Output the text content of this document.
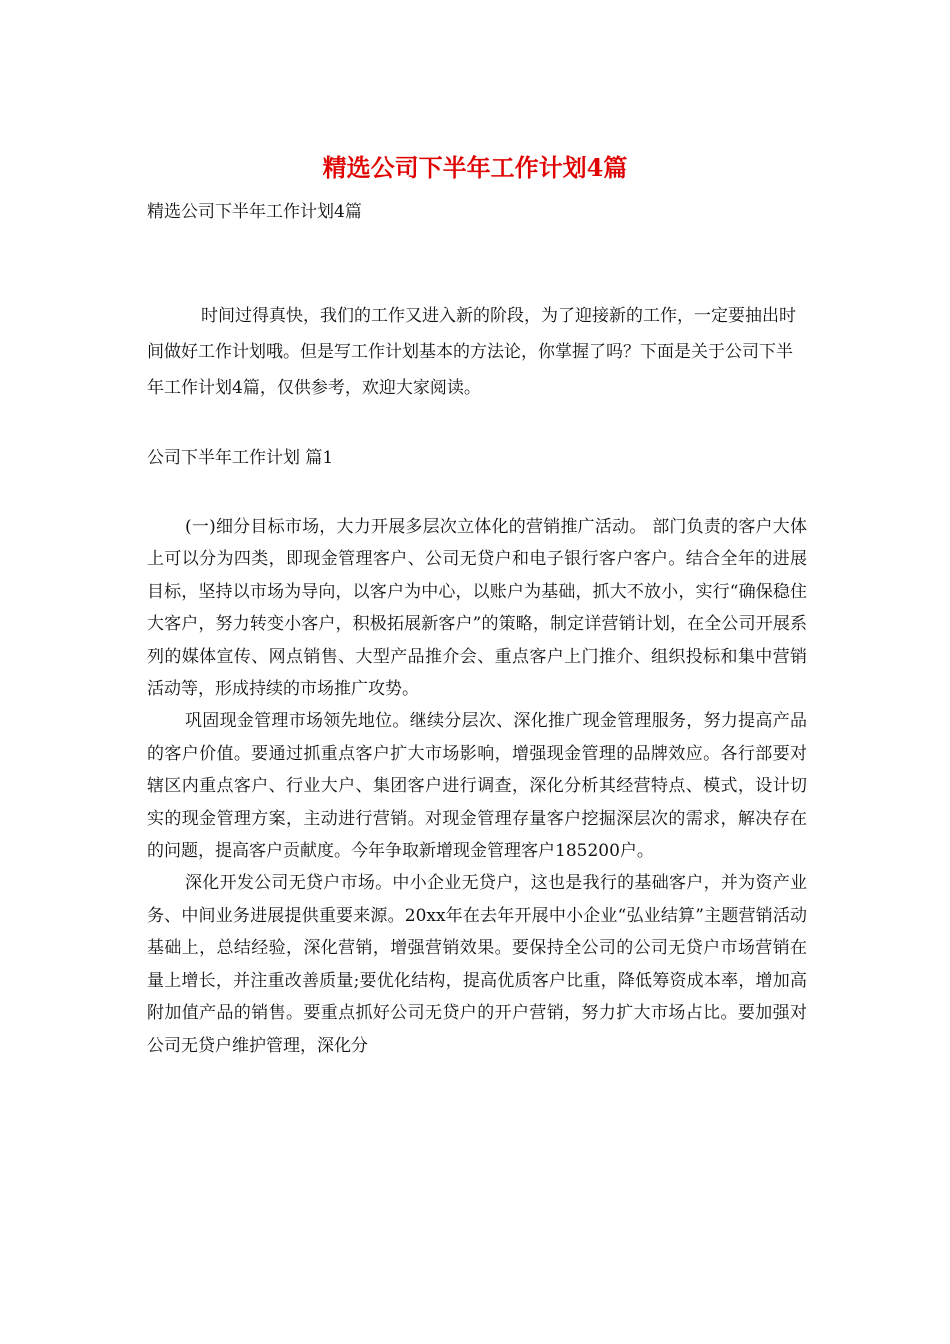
精选公司下半年工作计划4篇
精选公司下半年工作计划4篇

时间过得真快，我们的工作又进入新的阶段，为了迎接新的工作，一定要抽出时间做好工作计划哦。但是写工作计划基本的方法论，你掌握了吗？下面是关于公司下半年工作计划4篇，仅供参考，欢迎大家阅读。

公司下半年工作计划 篇1

(一)细分目标市场，大力开展多层次立体化的营销推广活动。 部门负责的客户大体上可以分为四类，即现金管理客户、公司无贷户和电子银行客户客户。结合全年的进展目标，坚持以市场为导向，以客户为中心，以账户为基础，抓大不放小，实行“确保稳住大客户，努力转变小客户，积极拓展新客户”的策略，制定详营销计划，在全公司开展系列的媒体宣传、网点销售、大型产品推介会、重点客户上门推介、组织投标和集中营销活动等，形成持续的市场推广攻势。

巩固现金管理市场领先地位。继续分层次、深化推广现金管理服务，努力提高产品的客户价值。要通过抓重点客户扩大市场影响，增强现金管理的品牌效应。各行部要对辖区内重点客户、行业大户、集团客户进行调查，深化分析其经营特点、模式，设计切实的现金管理方案，主动进行营销。对现金管理存量客户挖掘深层次的需求，解决存在的问题，提高客户贡献度。今年争取新增现金管理客户185200户。

深化开发公司无贷户市场。中小企业无贷户，这也是我行的基础客户，并为资产业务、中间业务进展提供重要来源。20xx年在去年开展中小企业“弘业结算”主题营销活动基础上，总结经验，深化营销，增强营销效果。要保持全公司的公司无贷户市场营销在量上增长，并注重改善质量;要优化结构，提高优质客户比重，降低筹资成本率，增加高附加值产品的销售。要重点抓好公司无贷户的开户营销，努力扩大市场占比。要加强对公司无贷户维护管理，深化分
